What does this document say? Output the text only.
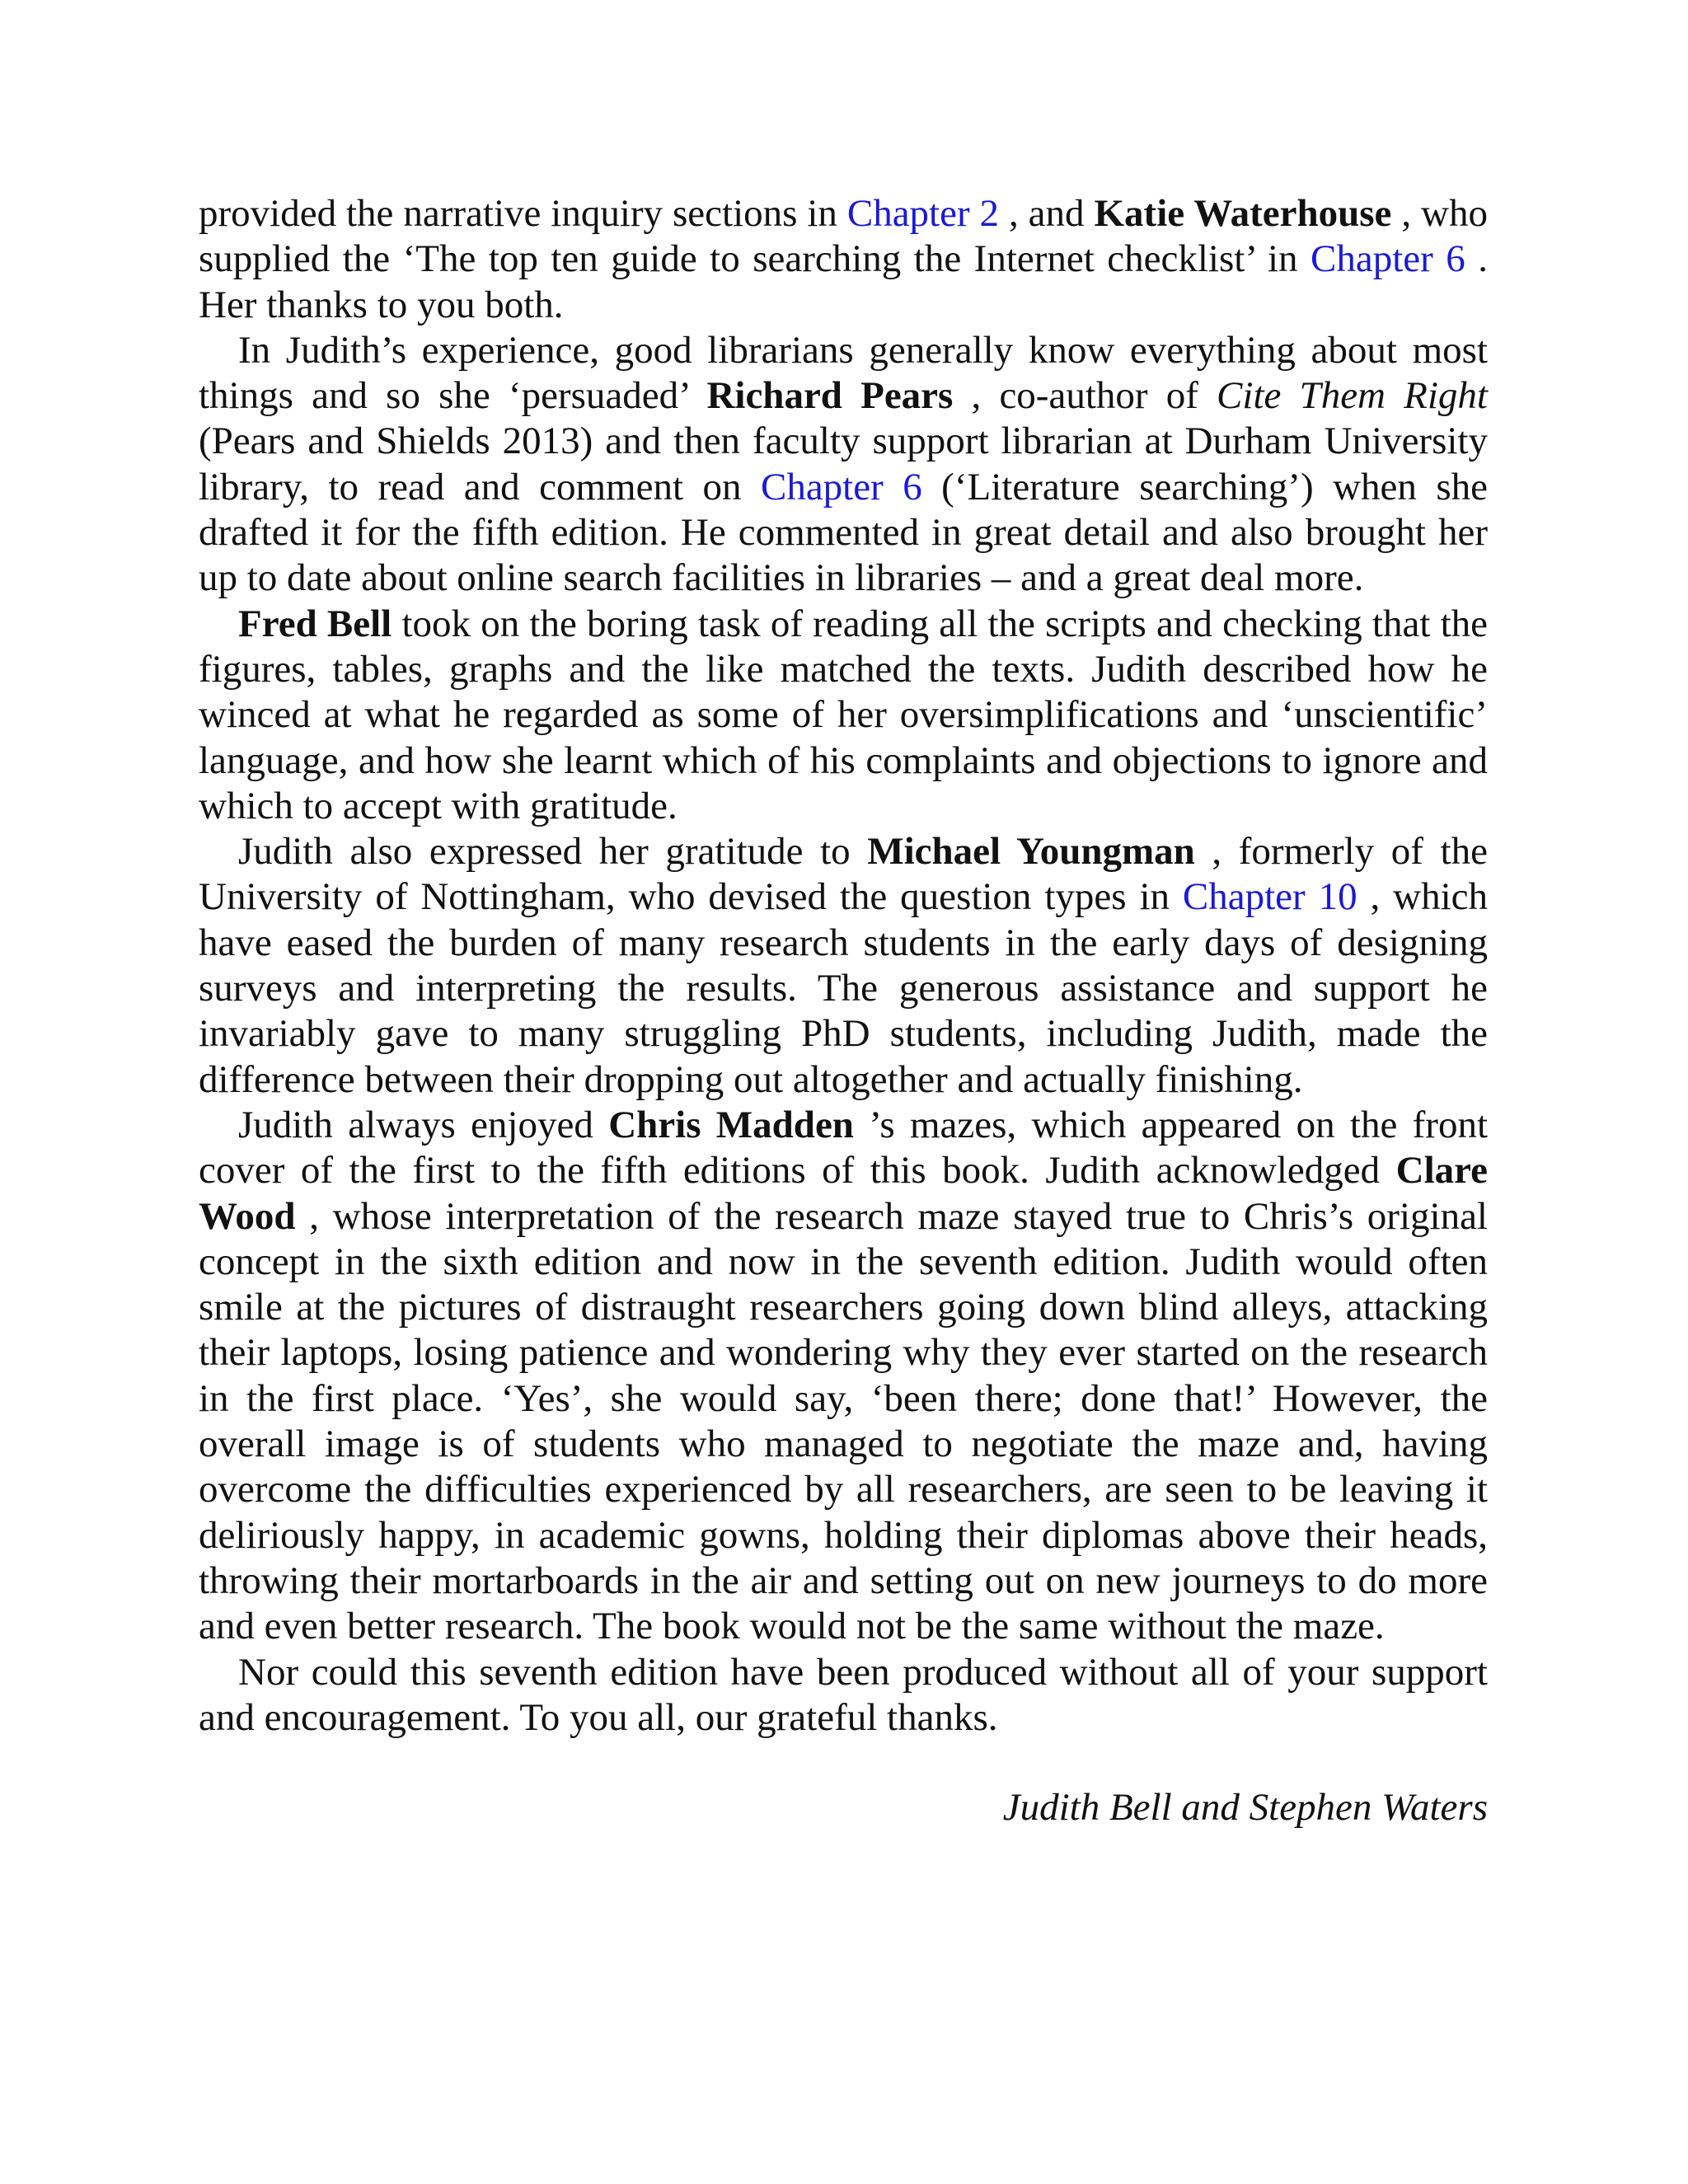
provided the narrative inquiry sections in Chapter 2 , and Katie Waterhouse , who supplied the ‘The top ten guide to searching the Internet checklist’ in Chapter 6 . Her thanks to you both.

In Judith’s experience, good librarians generally know everything about most things and so she ‘persuaded’ Richard Pears , co-author of Cite Them Right (Pears and Shields 2013) and then faculty support librarian at Durham University library, to read and comment on Chapter 6 (‘Literature searching’) when she drafted it for the fifth edition. He commented in great detail and also brought her up to date about online search facilities in libraries – and a great deal more.

Fred Bell took on the boring task of reading all the scripts and checking that the figures, tables, graphs and the like matched the texts. Judith described how he winced at what he regarded as some of her oversimplifications and ‘unscientific’ language, and how she learnt which of his complaints and objections to ignore and which to accept with gratitude.

Judith also expressed her gratitude to Michael Youngman , formerly of the University of Nottingham, who devised the question types in Chapter 10 , which have eased the burden of many research students in the early days of designing surveys and interpreting the results. The generous assistance and support he invariably gave to many struggling PhD students, including Judith, made the difference between their dropping out altogether and actually finishing.

Judith always enjoyed Chris Madden ’s mazes, which appeared on the front cover of the first to the fifth editions of this book. Judith acknowledged Clare Wood , whose interpretation of the research maze stayed true to Chris’s original concept in the sixth edition and now in the seventh edition. Judith would often smile at the pictures of distraught researchers going down blind alleys, attacking their laptops, losing patience and wondering why they ever started on the research in the first place. ‘Yes’, she would say, ‘been there; done that!’ However, the overall image is of students who managed to negotiate the maze and, having overcome the difficulties experienced by all researchers, are seen to be leaving it deliriously happy, in academic gowns, holding their diplomas above their heads, throwing their mortarboards in the air and setting out on new journeys to do more and even better research. The book would not be the same without the maze.

Nor could this seventh edition have been produced without all of your support and encouragement. To you all, our grateful thanks.

Judith Bell and Stephen Waters
